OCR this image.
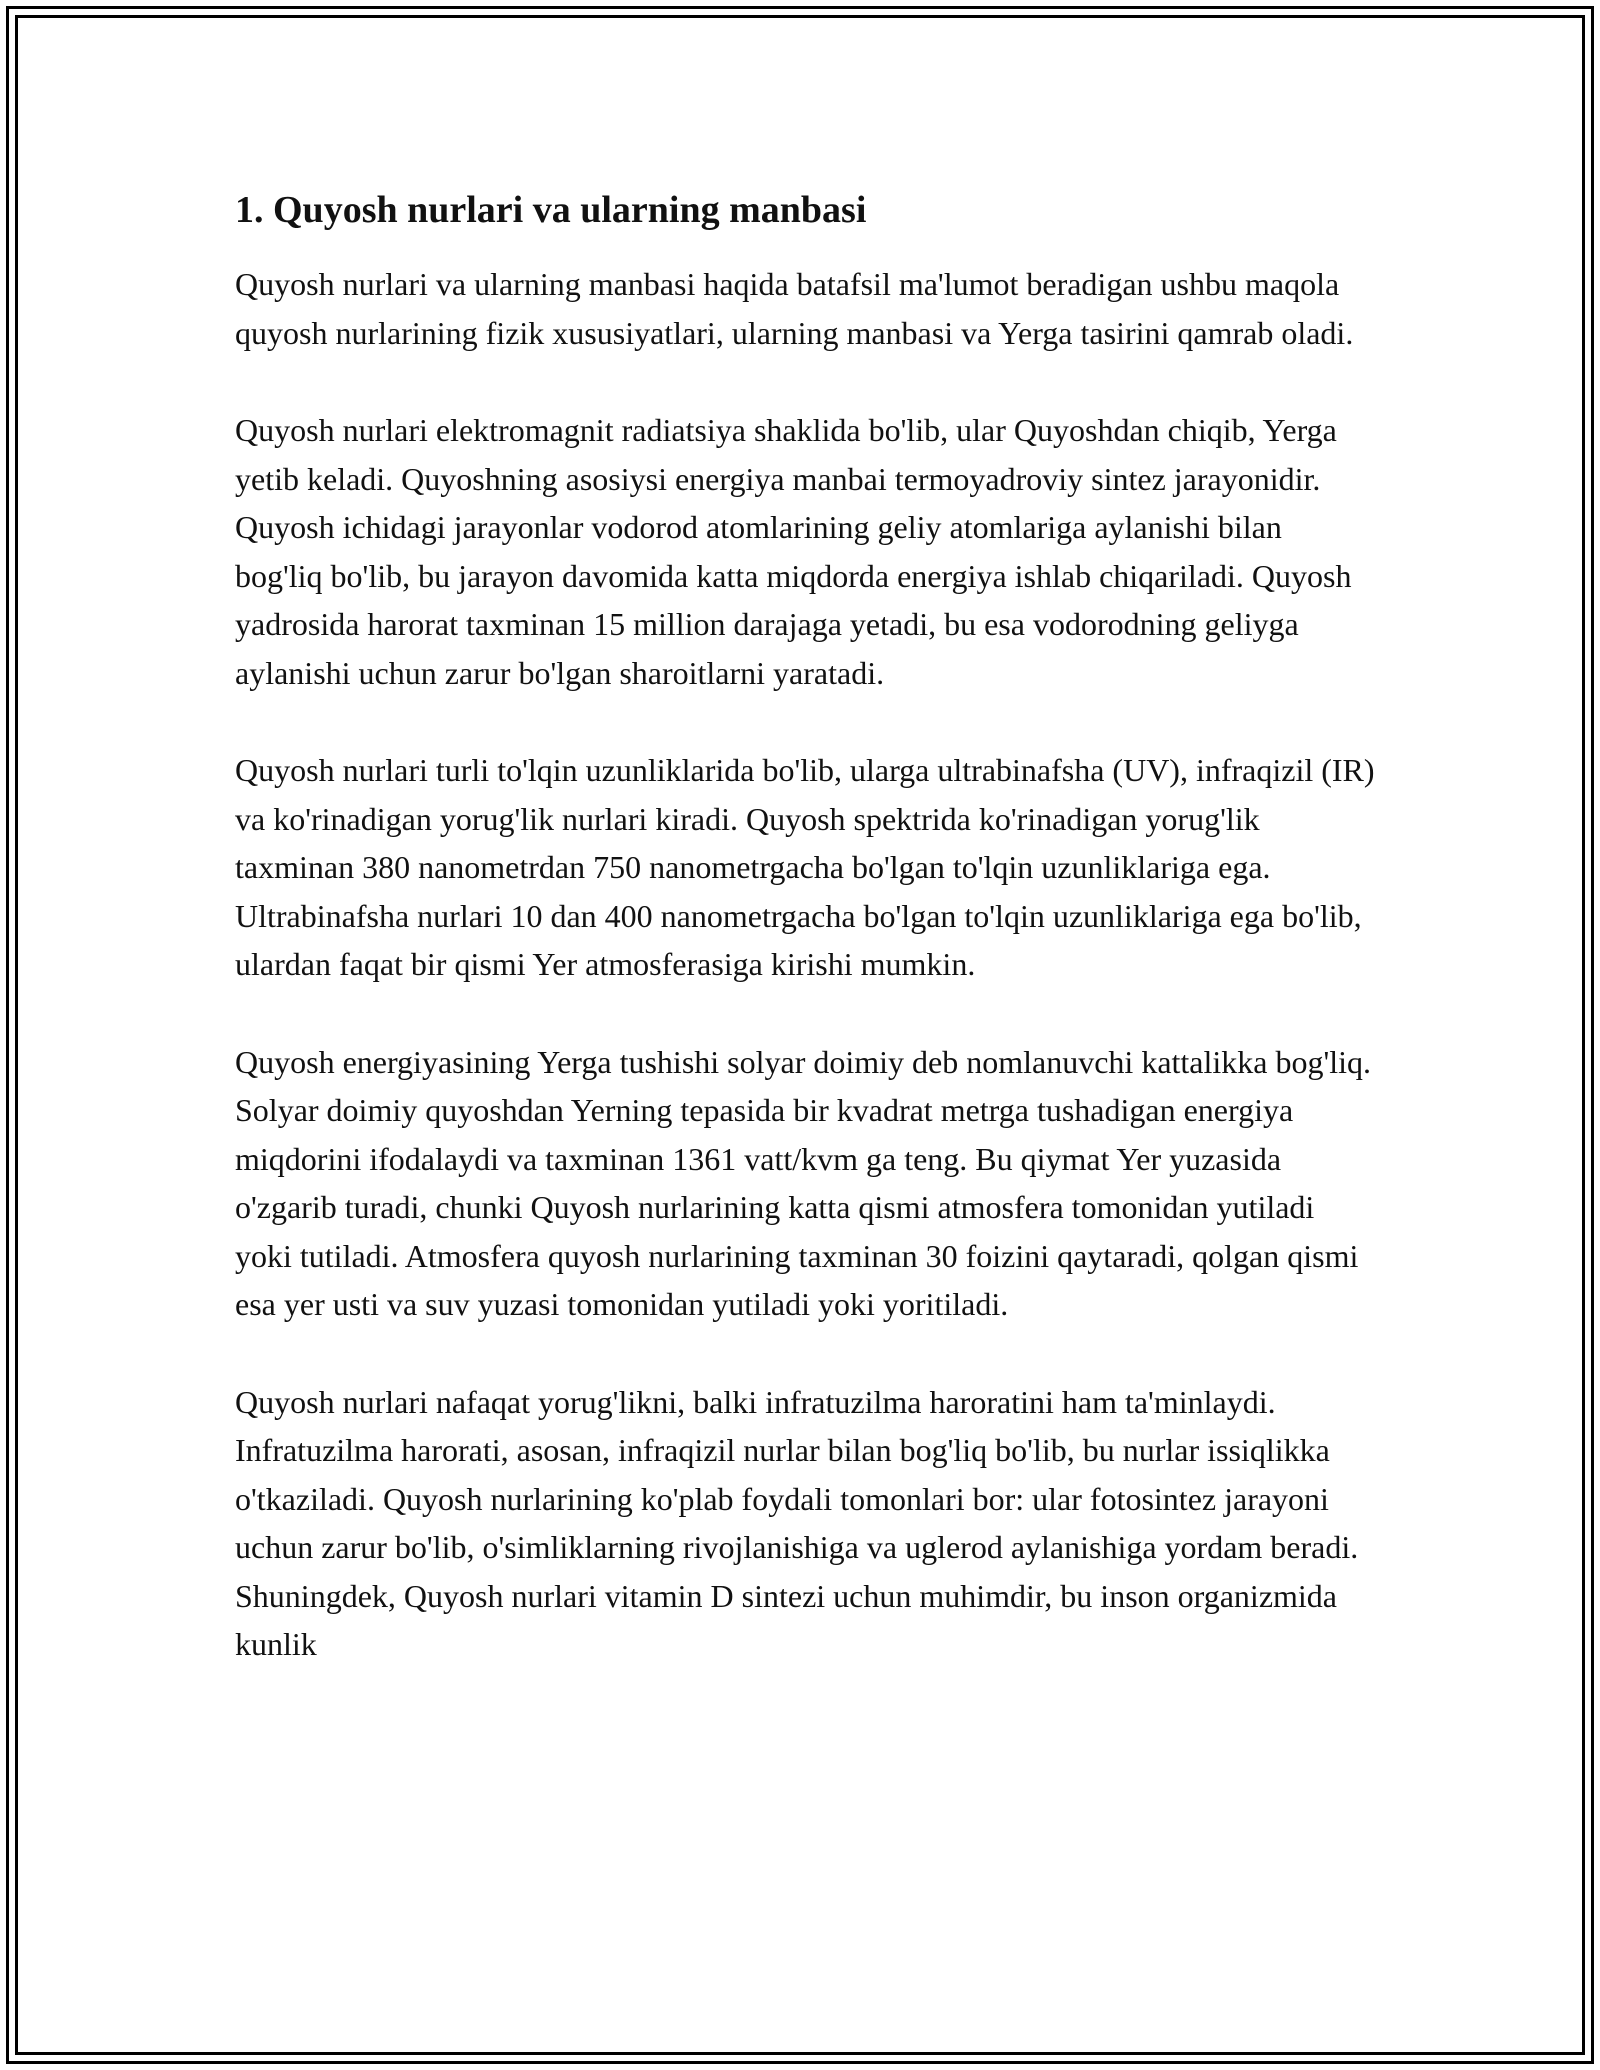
1. Quyosh nurlari va ularning manbasi

Quyosh nurlari va ularning manbasi haqida batafsil ma'lumot beradigan ushbu maqola quyosh nurlarining fizik xususiyatlari, ularning manbasi va Yerga tasirini qamrab oladi.

Quyosh nurlari elektromagnit radiatsiya shaklida bo'lib, ular Quyoshdan chiqib, Yerga yetib keladi. Quyoshning asosiysi energiya manbai termoyadroviy sintez jarayonidir. Quyosh ichidagi jarayonlar vodorod atomlarining geliy atomlariga aylanishi bilan bog'liq bo'lib, bu jarayon davomida katta miqdorda energiya ishlab chiqariladi. Quyosh yadrosida harorat taxminan 15 million darajaga yetadi, bu esa vodorodning geliyga aylanishi uchun zarur bo'lgan sharoitlarni yaratadi.

Quyosh nurlari turli to'lqin uzunliklarida bo'lib, ularga ultrabinafsha (UV), infraqizil (IR) va ko'rinadigan yorug'lik nurlari kiradi. Quyosh spektrida ko'rinadigan yorug'lik taxminan 380 nanometrdan 750 nanometrgacha bo'lgan to'lqin uzunliklariga ega. Ultrabinafsha nurlari 10 dan 400 nanometrgacha bo'lgan to'lqin uzunliklariga ega bo'lib, ulardan faqat bir qismi Yer atmosferasiga kirishi mumkin.

Quyosh energiyasining Yerga tushishi solyar doimiy deb nomlanuvchi kattalikka bog'liq. Solyar doimiy quyoshdan Yerning tepasida bir kvadrat metrga tushadigan energiya miqdorini ifodalaydi va taxminan 1361 vatt/kvm ga teng. Bu qiymat Yer yuzasida o'zgarib turadi, chunki Quyosh nurlarining katta qismi atmosfera tomonidan yutiladi yoki tutiladi. Atmosfera quyosh nurlarining taxminan 30 foizini qaytaradi, qolgan qismi esa yer usti va suv yuzasi tomonidan yutiladi yoki yoritiladi.

Quyosh nurlari nafaqat yorug'likni, balki infratuzilma haroratini ham ta'minlaydi. Infratuzilma harorati, asosan, infraqizil nurlar bilan bog'liq bo'lib, bu nurlar issiqlikka o'tkaziladi. Quyosh nurlarining ko'plab foydali tomonlari bor: ular fotosintez jarayoni uchun zarur bo'lib, o'simliklarning rivojlanishiga va uglerod aylanishiga yordam beradi. Shuningdek, Quyosh nurlari vitamin D sintezi uchun muhimdir, bu inson organizmida kunlik
